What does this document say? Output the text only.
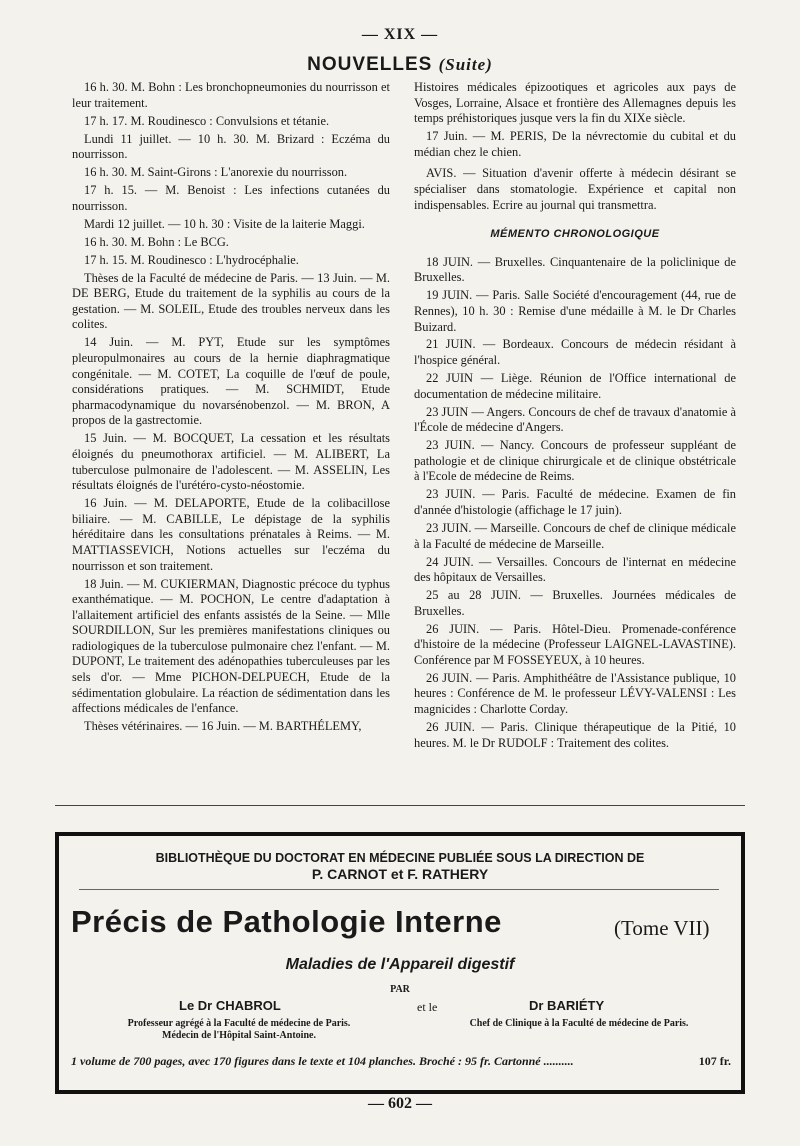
— XIX —
NOUVELLES (Suite)

16 h. 30. M. Bohn : Les bronchopneumonies du nourrisson et leur traitement.

17 h. 17. M. Roudinesco : Convulsions et tétanie.

Lundi 11 juillet. — 10 h. 30. M. Brizard : Eczéma du nourrisson.

16 h. 30. M. Saint-Girons : L'anorexie du nourrisson.

17 h. 15. — M. Benoist : Les infections cutanées du nourrisson.

Mardi 12 juillet. — 10 h. 30 : Visite de la laiterie Maggi.

16 h. 30. M. Bohn : Le BCG.

17 h. 15. M. Roudinesco : L'hydrocéphalie.

Thèses de la Faculté de médecine de Paris. — 13 Juin. — M. DE BERG, Etude du traitement de la syphilis au cours de la gestation. — M. SOLEIL, Etude des troubles nerveux dans les colites.

14 Juin. — M. PYT, Etude sur les symptômes pleuropulmonaires au cours de la hernie diaphragmatique congénitale. — M. COTET, La coquille de l'œuf de poule, considérations pratiques. — M. SCHMIDT, Etude pharmacodynamique du novarsénobenzol. — M. BRON, A propos de la gastrectomie.

15 Juin. — M. BOCQUET, La cessation et les résultats éloignés du pneumothorax artificiel. — M. ALIBERT, La tuberculose pulmonaire de l'adolescent. — M. ASSELIN, Les résultats éloignés de l'urétéro-cysto-néostomie.

16 Juin. — M. DELAPORTE, Etude de la colibacillose biliaire. — M. CABILLE, Le dépistage de la syphilis héréditaire dans les consultations prénatales à Reims. — M. MATTIASSEVICH, Notions actuelles sur l'eczéma du nourrisson et son traitement.

18 Juin. — M. CUKIERMAN, Diagnostic précoce du typhus exanthématique. — M. POCHON, Le centre d'adaptation à l'allaitement artificiel des enfants assistés de la Seine. — Mlle SOURDILLON, Sur les premières manifestations cliniques ou radiologiques de la tuberculose pulmonaire chez l'enfant. — M. DUPONT, Le traitement des adénopathies tuberculeuses par les sels d'or. — Mme PICHON-DELPUECH, Etude de la sédimentation globulaire. La réaction de sédimentation dans les affections médicales de l'enfance.

Thèses vétérinaires. — 16 Juin. — M. BARTHÉLEMY,

Histoires médicales épizootiques et agricoles aux pays de Vosges, Lorraine, Alsace et frontière des Allemagnes depuis les temps préhistoriques jusque vers la fin du XIXe siècle.

17 Juin. — M. PERIS, De la névrectomie du cubital et du médian chez le chien.

AVIS. — Situation d'avenir offerte à médecin désirant se spécialiser dans stomatologie. Expérience et capital non indispensables. Ecrire au journal qui transmettra.

MÉMENTO CHRONOLOGIQUE

18 JUIN. — Bruxelles. Cinquantenaire de la policlinique de Bruxelles.

19 JUIN. — Paris. Salle Société d'encouragement (44, rue de Rennes), 10 h. 30 : Remise d'une médaille à M. le Dr Charles Buizard.

21 JUIN. — Bordeaux. Concours de médecin résidant à l'hospice général.

22 JUIN — Liège. Réunion de l'Office international de documentation de médecine militaire.

23 JUIN — Angers. Concours de chef de travaux d'anatomie à l'École de médecine d'Angers.

23 JUIN. — Nancy. Concours de professeur suppléant de pathologie et de clinique chirurgicale et de clinique obstétricale à l'Ecole de médecine de Reims.

23 JUIN. — Paris. Faculté de médecine. Examen de fin d'année d'histologie (affichage le 17 juin).

23 JUIN. — Marseille. Concours de chef de clinique médicale à la Faculté de médecine de Marseille.

24 JUIN. — Versailles. Concours de l'internat en médecine des hôpitaux de Versailles.

25 au 28 JUIN. — Bruxelles. Journées médicales de Bruxelles.

26 JUIN. — Paris. Hôtel-Dieu. Promenade-conférence d'histoire de la médecine (Professeur LAIGNEL-LAVASTINE). Conférence par M FOSSEYEUX, à 10 heures.

26 JUIN. — Paris. Amphithéâtre de l'Assistance publique, 10 heures : Conférence de M. le professeur LÉVY-VALENSI : Les magnicides : Charlotte Corday.

26 JUIN. — Paris. Clinique thérapeutique de la Pitié, 10 heures. M. le Dr RUDOLF : Traitement des colites.

BIBLIOTHÈQUE DU DOCTORAT EN MÉDECINE PUBLIÉE SOUS LA DIRECTION DE
P. CARNOT et F. RATHERY
Précis de Pathologie Interne	(Tome VII)
Maladies de l'Appareil digestif
PAR
Le Dr CHABROL	et le	Dr BARIÉTY
Professeur agrégé à la Faculté de médecine de Paris.
Médecin de l'Hôpital Saint-Antoine.
Chef de Clinique à la Faculté de médecine de Paris.
1 volume de 700 pages, avec 170 figures dans le texte et 104 planches. Broché : 95 fr. Cartonné ..........	107 fr.
— 602 —
